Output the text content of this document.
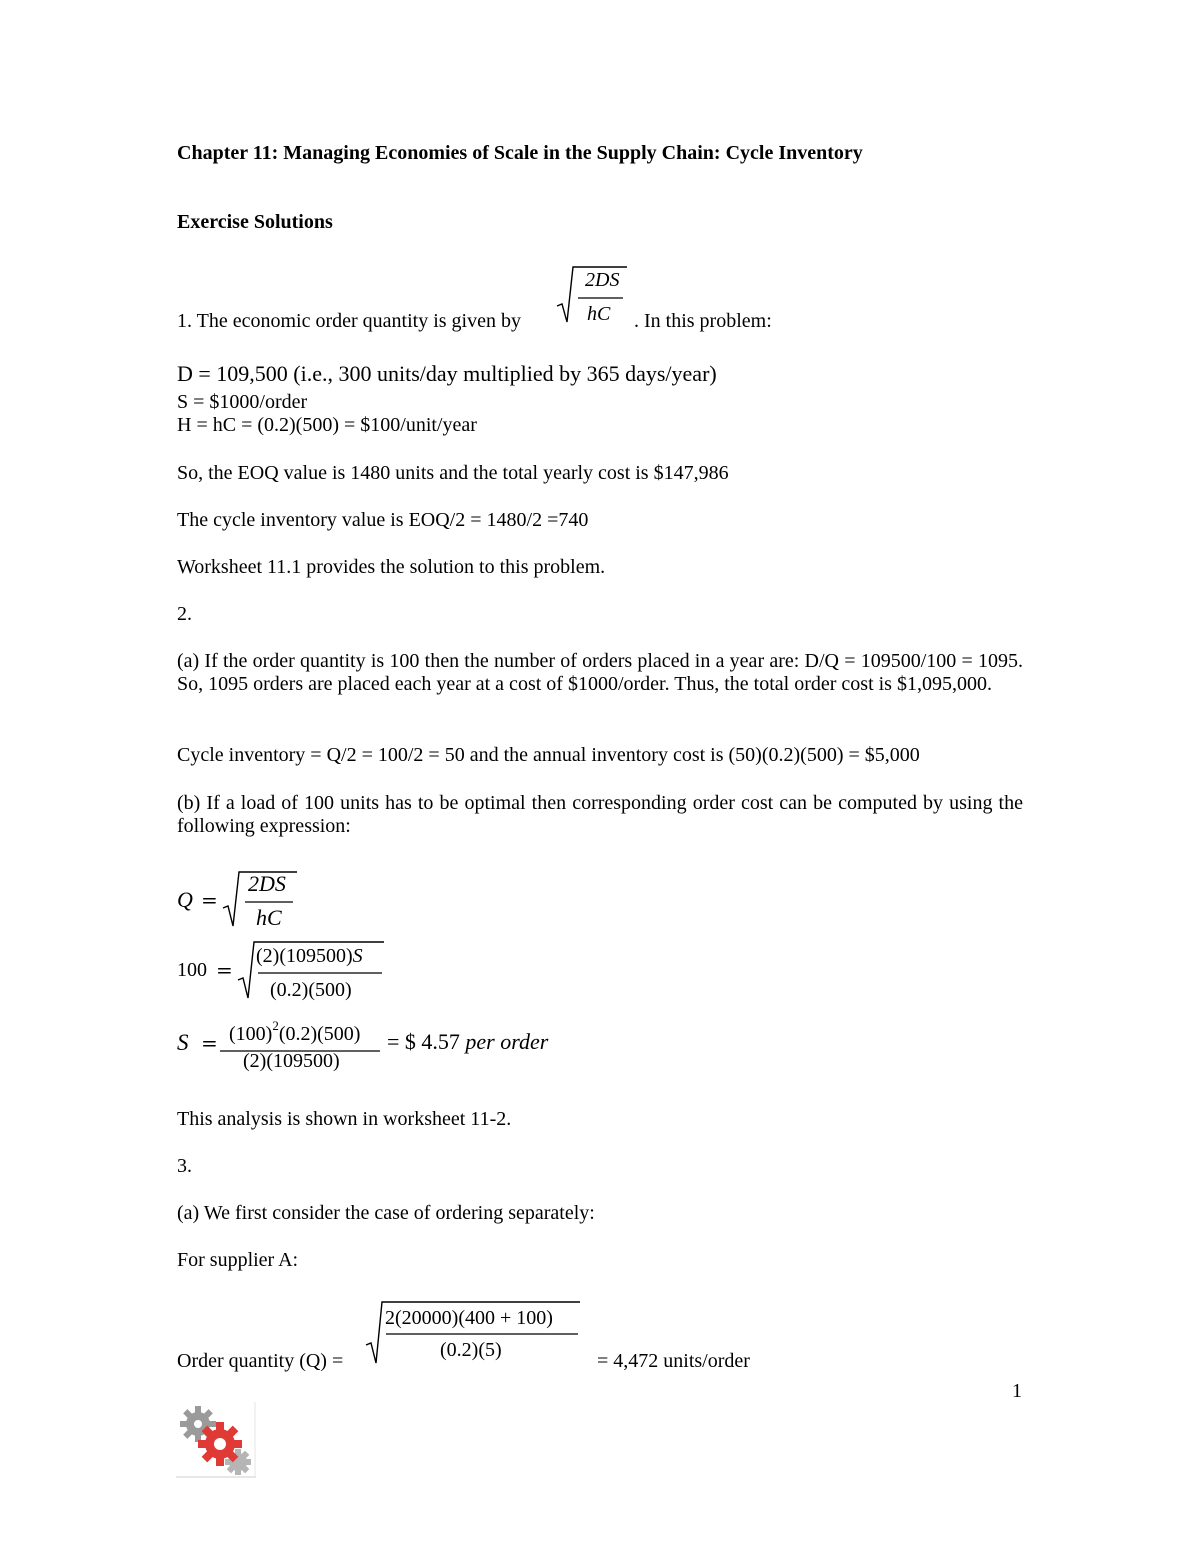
Chapter 11: Managing Economies of Scale in the Supply Chain: Cycle Inventory

Exercise Solutions

1. The economic order quantity is given by

2DS
hC . In this problem:

D = 109,500 (i.e., 300 units/day multiplied by 365 days/year)

S = $1000/order

H = hC = (0.2)(500) = $100/unit/year

So, the EOQ value is 1480 units and the total yearly cost is $147,986

The cycle inventory value is EOQ/2 = 1480/2 =740

Worksheet 11.1 provides the solution to this problem.

2.

(a) If the order quantity is 100 then the number of orders placed in a year are: D/Q = 109500/100 = 1095. So, 1095 orders are placed each year at a cost of $1000/order. Thus, the total order cost is $1,095,000.

Cycle inventory = Q/2 = 100/2 = 50 and the annual inventory cost is (50)(0.2)(500) = $5,000

(b) If a load of 100 units has to be optimal then corresponding order cost can be computed by using the following expression:

Q =
2DS
hC
100 =
(2)(109500)S
(0.2)(500)
$S = (100)^2(0.2)(500)$
(2)(109500)
= $ 4.57 per order

This analysis is shown in worksheet 11-2.

3.

(a) We first consider the case of ordering separately:

For supplier A:

Order quantity (Q) =

2(20000)(400 + 100)
(0.2)(5)	= 4,472 units/order

1
